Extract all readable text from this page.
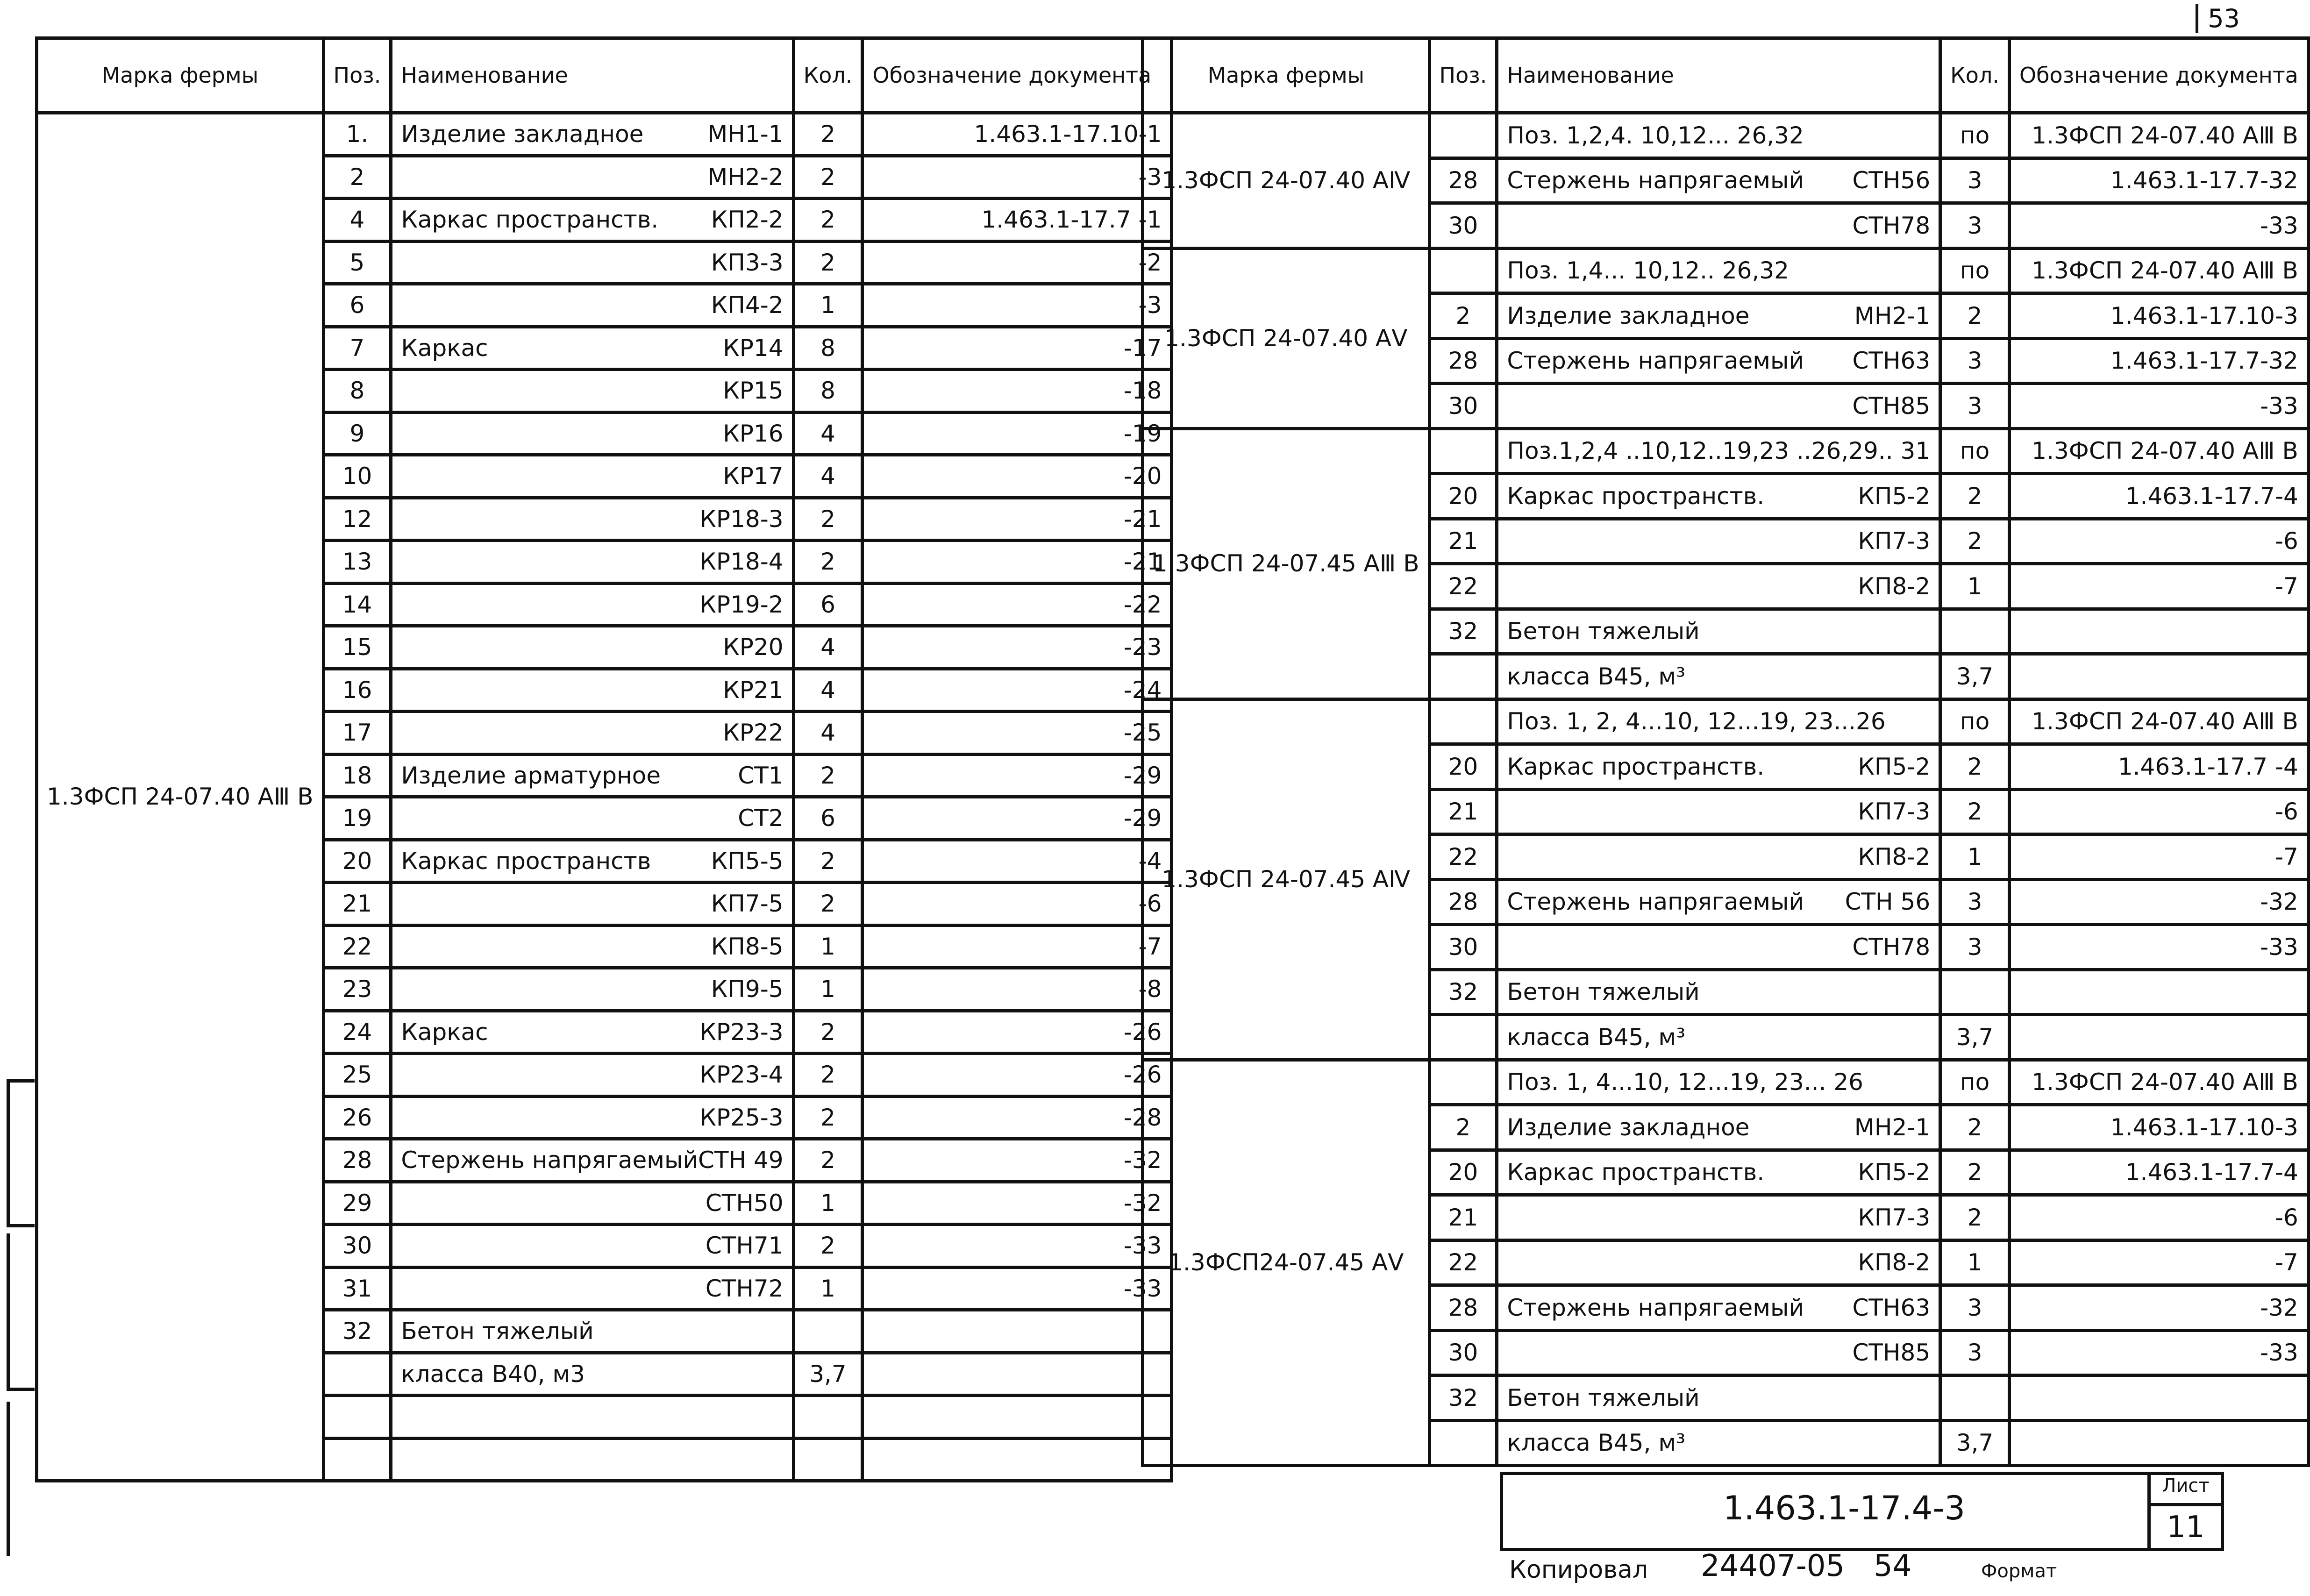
53
Марка фермы	Поз.	Наименование	Кол.	Обозначение документа
1.3ФСП 24-07.40 АⅢ В	1.	Изделие закладное МН1-1	2	1.463.1-17.10-1
	2	МН2-2	2	-3
	4	Каркас пространств. КП2-2	2	1.463.1-17.7 -1
	5	КП3-3	2	-2
	6	КП4-2	1	-3
	7	Каркас КР14	8	-17
	8	КР15	8	-18
	9	КР16	4	-19
	10	КР17	4	-20
	12	КР18-3	2	-21
	13	КР18-4	2	-21
	14	КР19-2	6	-22
	15	КР20	4	-23
	16	КР21	4	-24
	17	КР22	4	-25
	18	Изделие арматурное СТ1	2	-29
	19	СТ2	6	-29
	20	Каркас пространств КП5-5	2	-4
	21	КП7-5	2	-6
	22	КП8-5	1	-7
	23	КП9-5	1	-8
	24	Каркас КР23-3	2	-26
	25	КР23-4	2	-26
	26	КР25-3	2	-28
	28	Стержень напрягаемый СТН 49	2	-32
	29	СТН50	1	-32
	30	СТН71	2	-33
	31	СТН72	1	-33
	32	Бетон тяжелый		

		класса В40, м3	3,7	

Марка фермы	Поз.	Наименование	Кол.	Обозначение документа
1.3ФСП 24-07.40 АⅣ		Поз. 1,2,4. 10,12... 26,32	по	1.3ФСП 24-07.40 АⅢ В
	28	Стержень напрягаемый СТН56	3	1.463.1-17.7-32
	30	СТН78	3	-33
1.3ФСП 24-07.40 АⅤ		Поз. 1,4... 10,12.. 26,32	по	1.3ФСП 24-07.40 АⅢ В
	2	Изделие закладное МН2-1	2	1.463.1-17.10-3
	28	Стержень напрягаемый СТН63	3	1.463.1-17.7-32
	30	СТН85	3	-33
1.3ФСП 24-07.45 АⅢ В		Поз.1,2,4 ..10,12..19,23 ..26,29.. 31	по	1.3ФСП 24-07.40 АⅢ В
	20	Каркас пространств. КП5-2	2	1.463.1-17.7-4
	21	КП7-3	2	-6
	22	КП8-2	1	-7
	32	Бетон тяжелый		

		класса В45, м³	3,7	
1.3ФСП 24-07.45 АⅣ		Поз. 1, 2, 4...10, 12...19, 23...26	по	1.3ФСП 24-07.40 АⅢ В
	20	Каркас пространств. КП5-2	2	1.463.1-17.7 -4
	21	КП7-3	2	-6
	22	КП8-2	1	-7
	28	Стержень напрягаемый СТН 56	3	-32
	30	СТН78	3	-33
	32	Бетон тяжелый		

		класса В45, м³	3,7	
1.3ФСП24-07.45 АⅤ		Поз. 1, 4...10, 12...19, 23... 26	по	1.3ФСП 24-07.40 АⅢ В
	2	Изделие закладное МН2-1	2	1.463.1-17.10-3
	20	Каркас пространств. КП5-2	2	1.463.1-17.7-4
	21	КП7-3	2	-6
	22	КП8-2	1	-7
	28	Стержень напрягаемый СТН63	3	-32
	30	СТН85	3	-33
	32	Бетон тяжелый		

		класса В45, м³	3,7	
1.463.1-17.4-3
Лист
11
Копировал 24407-05 54	Формат
